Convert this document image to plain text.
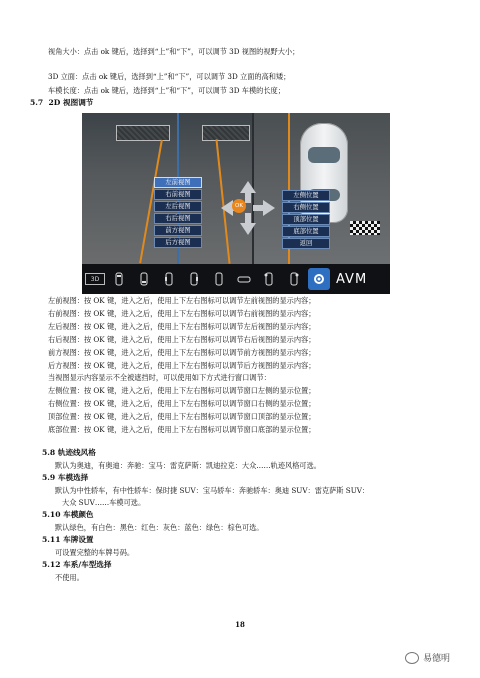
视角大小：点击 ok 键后，选择到“上”和“下”，可以调节 3D 视图的视野大小；
3D 立面：点击 ok 键后，选择到“上”和“下”，可以调节 3D 立面的高和矮；
车模长度：点击 ok 键后，选择到“上”和“下”，可以调节 3D 车模的长度；
5.7 2D 视图调节
左前视图
右前视图
左后视图
右后视图
前方视图
后方视图
OK
左侧位置
右侧位置
顶部位置
底部位置
返回
3D	AVM
左前视图：按 OK 键，进入之后，使用上下左右图标可以调节左前视图的显示内容；
右前视图：按 OK 键，进入之后，使用上下左右图标可以调节右前视图的显示内容；
左后视图：按 OK 键，进入之后，使用上下左右图标可以调节左后视图的显示内容；
右后视图：按 OK 键，进入之后，使用上下左右图标可以调节右后视图的显示内容；
前方视图：按 OK 键，进入之后，使用上下左右图标可以调节前方视图的显示内容；
后方视图：按 OK 键，进入之后，使用上下左右图标可以调节后方视图的显示内容；
当视图显示内容显示不全被遮挡时，可以使用如下方式进行窗口调节：
左侧位置：按 OK 键，进入之后，使用上下左右图标可以调节窗口左侧的显示位置；
右侧位置：按 OK 键，进入之后，使用上下左右图标可以调节窗口右侧的显示位置；
顶部位置：按 OK 键，进入之后，使用上下左右图标可以调节窗口顶部的显示位置；
底部位置：按 OK 键，进入之后，使用上下左右图标可以调节窗口底部的显示位置；
5.8 轨迹线风格
默认为奥迪，有奥迪：奔驰：宝马：雷克萨斯：凯迪拉克：大众……轨迹风格可选。
5.9 车模选择
默认为中性轿车，有中性轿车：保时捷 SUV：宝马轿车：奔驰轿车：奥迪 SUV：雷克萨斯 SUV：
大众 SUV……车模可选。
5.10 车模颜色
默认绿色，有白色：黑色：红色：灰色：蓝色：绿色：棕色可选。
5.11 车牌设置
可设置完整的车牌号码。
5.12 车系/车型选择
不使用。
18
易德明
